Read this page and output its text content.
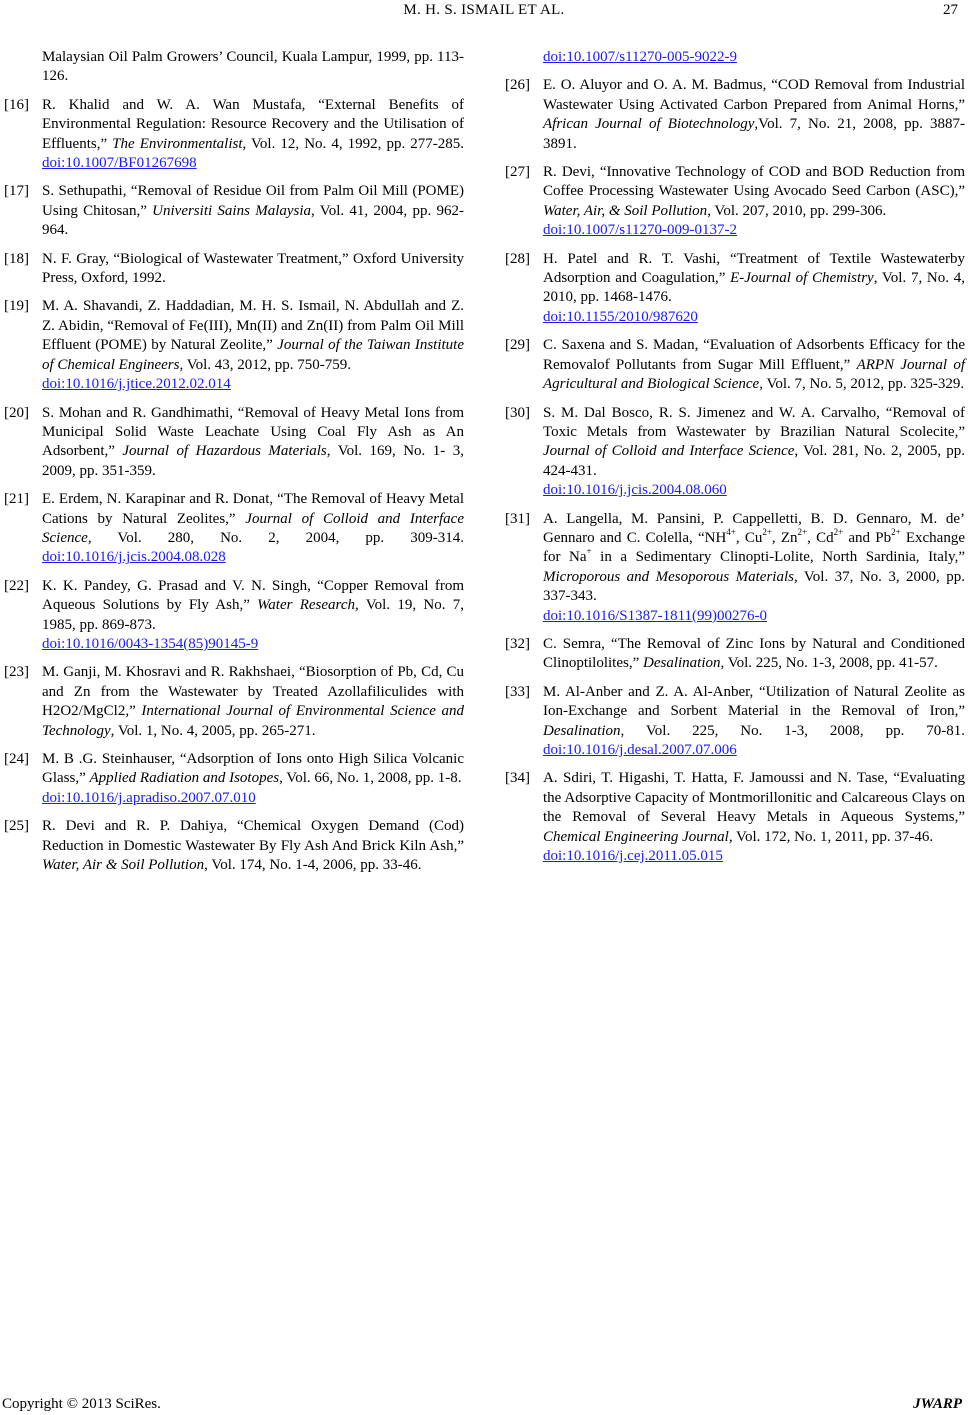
M. H. S. ISMAIL ET AL.	27
Malaysian Oil Palm Growers’ Council, Kuala Lampur, 1999, pp. 113-126.
[16] R. Khalid and W. A. Wan Mustafa, “External Benefits of Environmental Regulation: Resource Recovery and the Utilisation of Effluents,” The Environmentalist, Vol. 12, No. 4, 1992, pp. 277-285. doi:10.1007/BF01267698
[17] S. Sethupathi, “Removal of Residue Oil from Palm Oil Mill (POME) Using Chitosan,” Universiti Sains Malaysia, Vol. 41, 2004, pp. 962-964.
[18] N. F. Gray, “Biological of Wastewater Treatment,” Oxford University Press, Oxford, 1992.
[19] M. A. Shavandi, Z. Haddadian, M. H. S. Ismail, N. Abdullah and Z. Z. Abidin, “Removal of Fe(III), Mn(II) and Zn(II) from Palm Oil Mill Effluent (POME) by Natural Zeolite,” Journal of the Taiwan Institute of Chemical Engineers, Vol. 43, 2012, pp. 750-759.
doi:10.1016/j.jtice.2012.02.014
[20] S. Mohan and R. Gandhimathi, “Removal of Heavy Metal Ions from Municipal Solid Waste Leachate Using Coal Fly Ash as An Adsorbent,” Journal of Hazardous Materials, Vol. 169, No. 1- 3, 2009, pp. 351-359.
[21] E. Erdem, N. Karapinar and R. Donat, “The Removal of Heavy Metal Cations by Natural Zeolites,” Journal of Colloid and Interface Science, Vol. 280, No. 2, 2004, pp. 309-314. doi:10.1016/j.jcis.2004.08.028
[22] K. K. Pandey, G. Prasad and V. N. Singh, “Copper Removal from Aqueous Solutions by Fly Ash,” Water Research, Vol. 19, No. 7, 1985, pp. 869-873.
doi:10.1016/0043-1354(85)90145-9
[23] M. Ganji, M. Khosravi and R. Rakhshaei, “Biosorption of Pb, Cd, Cu and Zn from the Wastewater by Treated Azollafiliculides with H2O2/MgCl2,” International Journal of Environmental Science and Technology, Vol. 1, No. 4, 2005, pp. 265-271.
[24] M. B .G. Steinhauser, “Adsorption of Ions onto High Silica Volcanic Glass,” Applied Radiation and Isotopes, Vol. 66, No. 1, 2008, pp. 1-8.
doi:10.1016/j.apradiso.2007.07.010
[25] R. Devi and R. P. Dahiya, “Chemical Oxygen Demand (Cod) Reduction in Domestic Wastewater By Fly Ash And Brick Kiln Ash,” Water, Air & Soil Pollution, Vol. 174, No. 1-4, 2006, pp. 33-46.
doi:10.1007/s11270-005-9022-9
[26] E. O. Aluyor and O. A. M. Badmus, “COD Removal from Industrial Wastewater Using Activated Carbon Prepared from Animal Horns,” African Journal of Biotechnology,Vol. 7, No. 21, 2008, pp. 3887-3891.
[27] R. Devi, “Innovative Technology of COD and BOD Reduction from Coffee Processing Wastewater Using Avocado Seed Carbon (ASC),” Water, Air, & Soil Pollution, Vol. 207, 2010, pp. 299-306.
doi:10.1007/s11270-009-0137-2
[28] H. Patel and R. T. Vashi, “Treatment of Textile Wastewaterby Adsorption and Coagulation,” E-Journal of Chemistry, Vol. 7, No. 4, 2010, pp. 1468-1476.
doi:10.1155/2010/987620
[29] C. Saxena and S. Madan, “Evaluation of Adsorbents Efficacy for the Removalof Pollutants from Sugar Mill Effluent,” ARPN Journal of Agricultural and Biological Science, Vol. 7, No. 5, 2012, pp. 325-329.
[30] S. M. Dal Bosco, R. S. Jimenez and W. A. Carvalho, “Removal of Toxic Metals from Wastewater by Brazilian Natural Scolecite,” Journal of Colloid and Interface Science, Vol. 281, No. 2, 2005, pp. 424-431.
doi:10.1016/j.jcis.2004.08.060
[31] A. Langella, M. Pansini, P. Cappelletti, B. D. Gennaro, M. de’ Gennaro and C. Colella, “$NH^{4+}$, $Cu^{2+}$, $Zn^{2+}$, $Cd^{2+}$ and $Pb^{2+}$ Exchange for Na+ in a Sedimentary Clinopti-Lolite, North Sardinia, Italy,” Microporous and Mesoporous Materials, Vol. 37, No. 3, 2000, pp. 337-343.
doi:10.1016/S1387-1811(99)00276-0
[32] C. Semra, “The Removal of Zinc Ions by Natural and Conditioned Clinoptilolites,” Desalination, Vol. 225, No. 1-3, 2008, pp. 41-57.
[33] M. Al-Anber and Z. A. Al-Anber, “Utilization of Natural Zeolite as Ion-Exchange and Sorbent Material in the Removal of Iron,” Desalination, Vol. 225, No. 1-3, 2008, pp. 70-81. doi:10.1016/j.desal.2007.07.006
[34] A. Sdiri, T. Higashi, T. Hatta, F. Jamoussi and N. Tase, “Evaluating the Adsorptive Capacity of Montmorillonitic and Calcareous Clays on the Removal of Several Heavy Metals in Aqueous Systems,” Chemical Engineering Journal, Vol. 172, No. 1, 2011, pp. 37-46.
doi:10.1016/j.cej.2011.05.015
Copyright © 2013 SciRes.	JWARP
